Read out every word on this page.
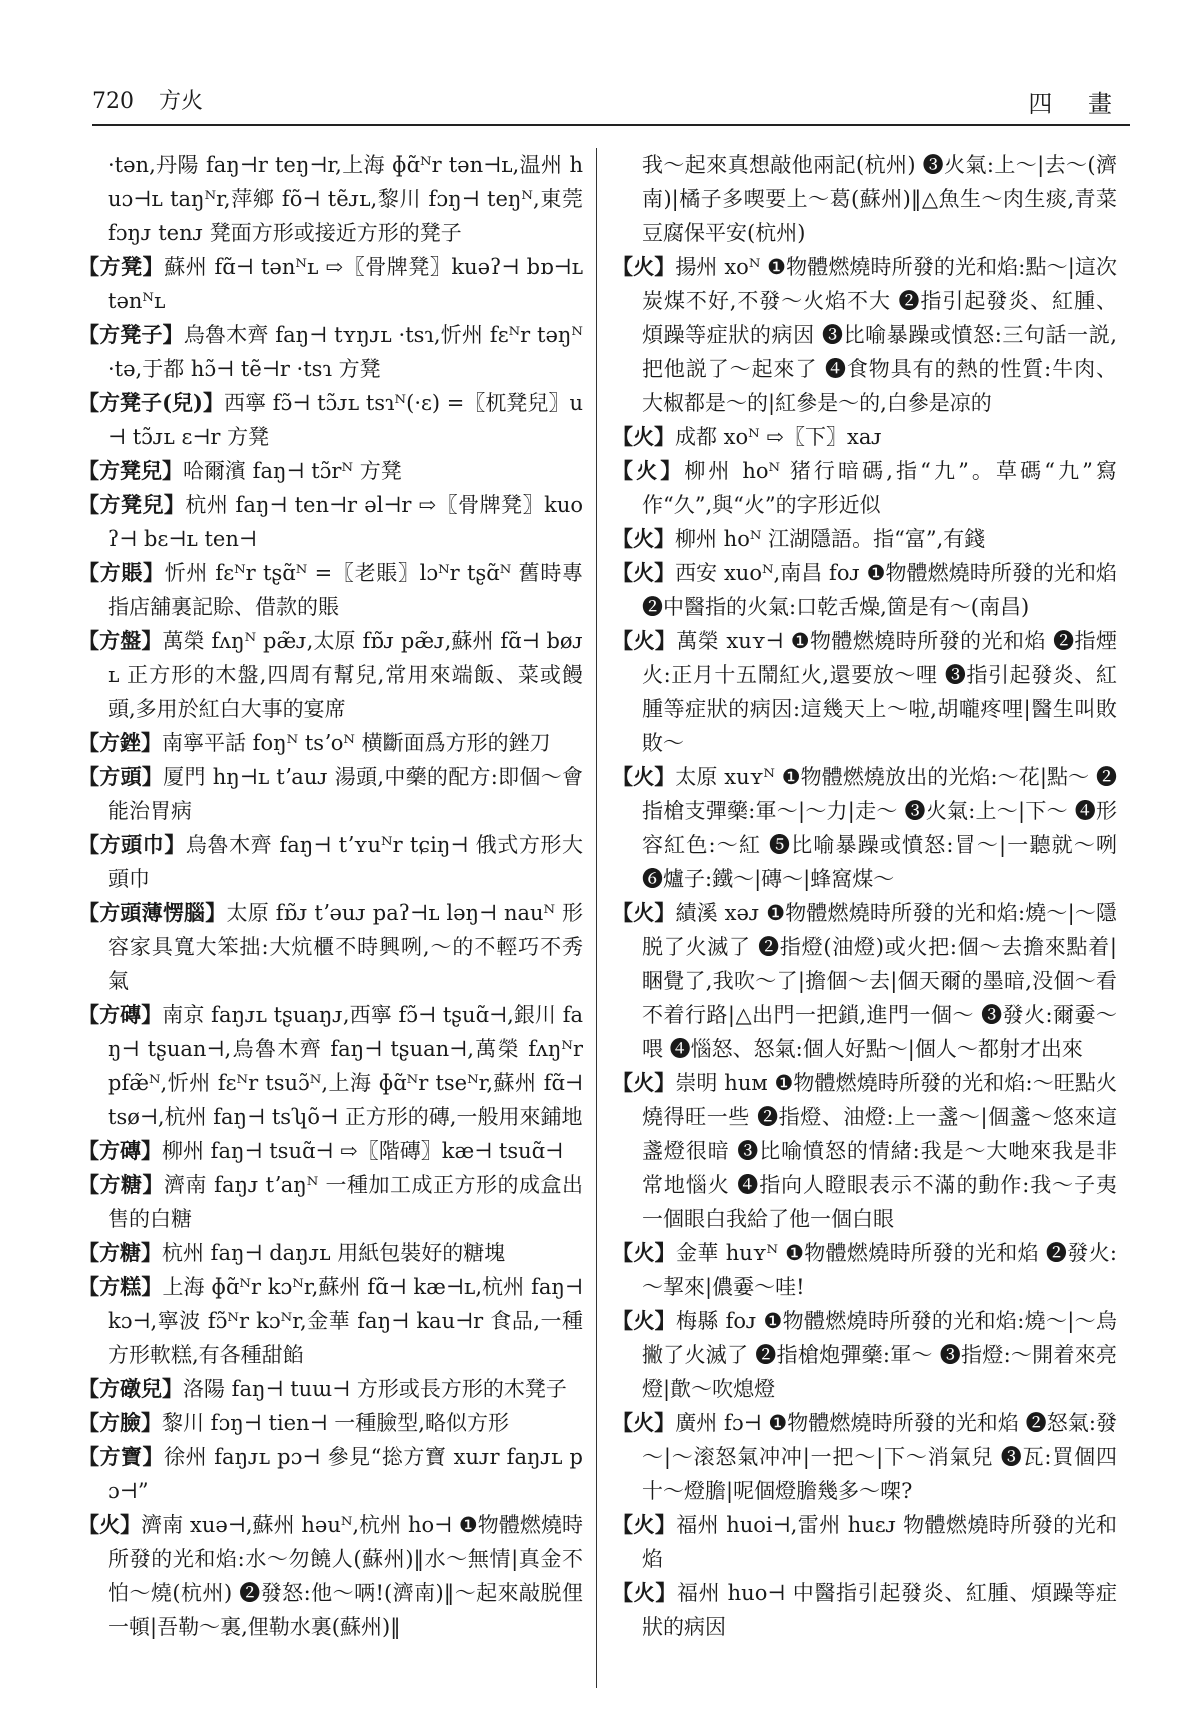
720 方火	四 畫

·tən,丹陽 faŋ⊣r teŋ⊣r,上海 ɸɑ̃ᴺr tən⊣ʟ,温州 huɔ⊣ʟ taŋᴺr,萍鄉 fõ⊣ tẽᴊʟ,黎川 fɔŋ⊣ teŋᴺ,東莞 fɔŋᴊ tenᴊ 凳面方形或接近方形的凳子

【方凳】蘇州 fɑ̃⊣ tənᴺʟ ⇨〖骨牌凳〗kuəʔ⊣ bɒ⊣ʟ tənᴺʟ

【方凳子】烏魯木齊 faŋ⊣ tʏŋᴊʟ ·tsɿ,忻州 fɛᴺr təŋᴺ ·tə,于都 hɔ̃⊣ tẽ⊣r ·tsɿ 方凳

【方凳子(兒)】西寧 fɔ̃⊣ tɔ̃ᴊʟ tsɿᴺ(·ɛ) =〖杌凳兒〗u⊣ tɔ̃ᴊʟ ɛ⊣r 方凳

【方凳兒】哈爾濱 faŋ⊣ tɔ̃rᴺ 方凳

【方凳兒】杭州 faŋ⊣ ten⊣r əl⊣r ⇨〖骨牌凳〗kuoʔ⊣ bɛ⊣ʟ ten⊣

【方賬】忻州 fɛᴺr tʂɑ̃ᴺ =〖老賬〗lɔᴺr tʂɑ̃ᴺ 舊時專指店舖裏記賒、借款的賬

【方盤】萬榮 fʌŋᴺ pæ̃ᴊ,太原 fɒ̃ᴊ pæ̃ᴊ,蘇州 fɑ̃⊣ bøᴊʟ 正方形的木盤,四周有幫兒,常用來端飯、菜或饅頭,多用於紅白大事的宴席

【方銼】南寧平話 foŋᴺ tsʼoᴺ 横斷面爲方形的銼刀

【方頭】厦門 hŋ⊣ʟ tʼauᴊ 湯頭,中藥的配方:即個～會能治胃病

【方頭巾】烏魯木齊 faŋ⊣ tʼʏuᴺr tɕiŋ⊣ 俄式方形大頭巾

【方頭薄愣腦】太原 fɒ̃ᴊ tʼəuᴊ paʔ⊣ʟ ləŋ⊣ nauᴺ 形容家具寬大笨拙:大炕櫃不時興咧,～的不輕巧不秀氣

【方磚】南京 faŋᴊʟ tʂuaŋᴊ,西寧 fɔ̃⊣ tʂuɑ̃⊣,銀川 faŋ⊣ tʂuan⊣,烏魯木齊 faŋ⊣ tʂuan⊣,萬榮 fʌŋᴺr pfæ̃ᴺ,忻州 fɛᴺr tsuɔ̃ᴺ,上海 ɸɑ̃ᴺr tseᴺr,蘇州 fɑ̃⊣ tsø⊣,杭州 faŋ⊣ tsʮõ⊣ 正方形的磚,一般用來鋪地

【方磚】柳州 faŋ⊣ tsuɑ̃⊣ ⇨〖階磚〗kæ⊣ tsuɑ̃⊣

【方糖】濟南 faŋᴊ tʼaŋᴺ 一種加工成正方形的成盒出售的白糖

【方糖】杭州 faŋ⊣ daŋᴊʟ 用紙包裝好的糖塊

【方糕】上海 ɸɑ̃ᴺr kɔᴺr,蘇州 fɑ̃⊣ kæ⊣ʟ,杭州 faŋ⊣ kɔ⊣,寧波 fɔ̃ᴺr kɔᴺr,金華 faŋ⊣ kau⊣r 食品,一種方形軟糕,有各種甜餡

【方礅兒】洛陽 faŋ⊣ tuɯ⊣ 方形或長方形的木凳子

【方臉】黎川 fɔŋ⊣ tien⊣ 一種臉型,略似方形

【方寶】徐州 faŋᴊʟ pɔ⊣ 參見“捴方寶 xuᴊr faŋᴊʟ pɔ⊣”

【火】濟南 xuə⊣,蘇州 həuᴺ,杭州 ho⊣ ❶物體燃燒時所發的光和焰:水～勿饒人(蘇州)‖水～無情|真金不怕～燒(杭州) ❷發怒:他～唡!(濟南)‖～起來敲脱俚一頓|吾勒～裏,俚勒水裏(蘇州)‖

我～起來真想敲他兩記(杭州) ❸火氣:上～|去～(濟南)|橘子多喫要上～葛(蘇州)‖△魚生～肉生痰,青菜豆腐保平安(杭州)

【火】揚州 xoᴺ ❶物體燃燒時所發的光和焰:點～|這次炭煤不好,不發～火焰不大 ❷指引起發炎、紅腫、煩躁等症狀的病因 ❸比喻暴躁或憤怒:三句話一説,把他説了～起來了 ❹食物具有的熱的性質:牛肉、大椒都是～的|紅參是～的,白參是凉的

【火】成都 xoᴺ ⇨〖下〗xaᴊ

【火】柳州 hoᴺ 猪行暗碼,指“九”。草碼“九”寫作“久”,與“火”的字形近似

【火】柳州 hoᴺ 江湖隱語。指“富”,有錢

【火】西安 xuoᴺ,南昌 foᴊ ❶物體燃燒時所發的光和焰 ❷中醫指的火氣:口乾舌燥,箇是有～(南昌)

【火】萬榮 xuʏ⊣ ❶物體燃燒時所發的光和焰 ❷指煙火:正月十五鬧紅火,還要放～哩 ❸指引起發炎、紅腫等症狀的病因:這幾天上～啦,胡嚨疼哩|醫生叫敗敗～

【火】太原 xuʏᴺ ❶物體燃燒放出的光焰:～花|點～ ❷指槍支彈藥:軍～|～力|走～ ❸火氣:上～|下～ ❹形容紅色:～紅 ❺比喻暴躁或憤怒:冒～|一聽就～咧 ❻爐子:鐵～|磚～|蜂窩煤～

【火】績溪 xəᴊ ❶物體燃燒時所發的光和焰:燒～|～隱脱了火滅了 ❷指燈(油燈)或火把:個～去擔來點着|睏覺了,我吹～了|擔個～去|個天爾的墨暗,没個～看不着行路|△出門一把鎖,進門一個～ ❸發火:爾嫑～喂 ❹惱怒、怒氣:個人好點～|個人～都射才出來

【火】崇明 huᴍ ❶物體燃燒時所發的光和焰:～旺點火燒得旺一些 ❷指燈、油燈:上一盞～|個盞～悠來這盞燈很暗 ❸比喻憤怒的情緒:我是～大哋來我是非常地惱火 ❹指向人瞪眼表示不滿的動作:我～子夷一個眼白我給了他一個白眼

【火】金華 huʏᴺ ❶物體燃燒時所發的光和焰 ❷發火:～挈來|儂嫑～哇!

【火】梅縣 foᴊ ❶物體燃燒時所發的光和焰:燒～|～烏撇了火滅了 ❷指槍炮彈藥:軍～ ❸指燈:～開着來亮燈|歕～吹熄燈

【火】廣州 fɔ⊣ ❶物體燃燒時所發的光和焰 ❷怒氣:發～|～滚怒氣冲冲|一把～|下～消氣兒 ❸瓦:買個四十～燈膽|呢個燈膽幾多～㗎?

【火】福州 huoi⊣,雷州 huɛᴊ 物體燃燒時所發的光和焰

【火】福州 huo⊣ 中醫指引起發炎、紅腫、煩躁等症狀的病因
